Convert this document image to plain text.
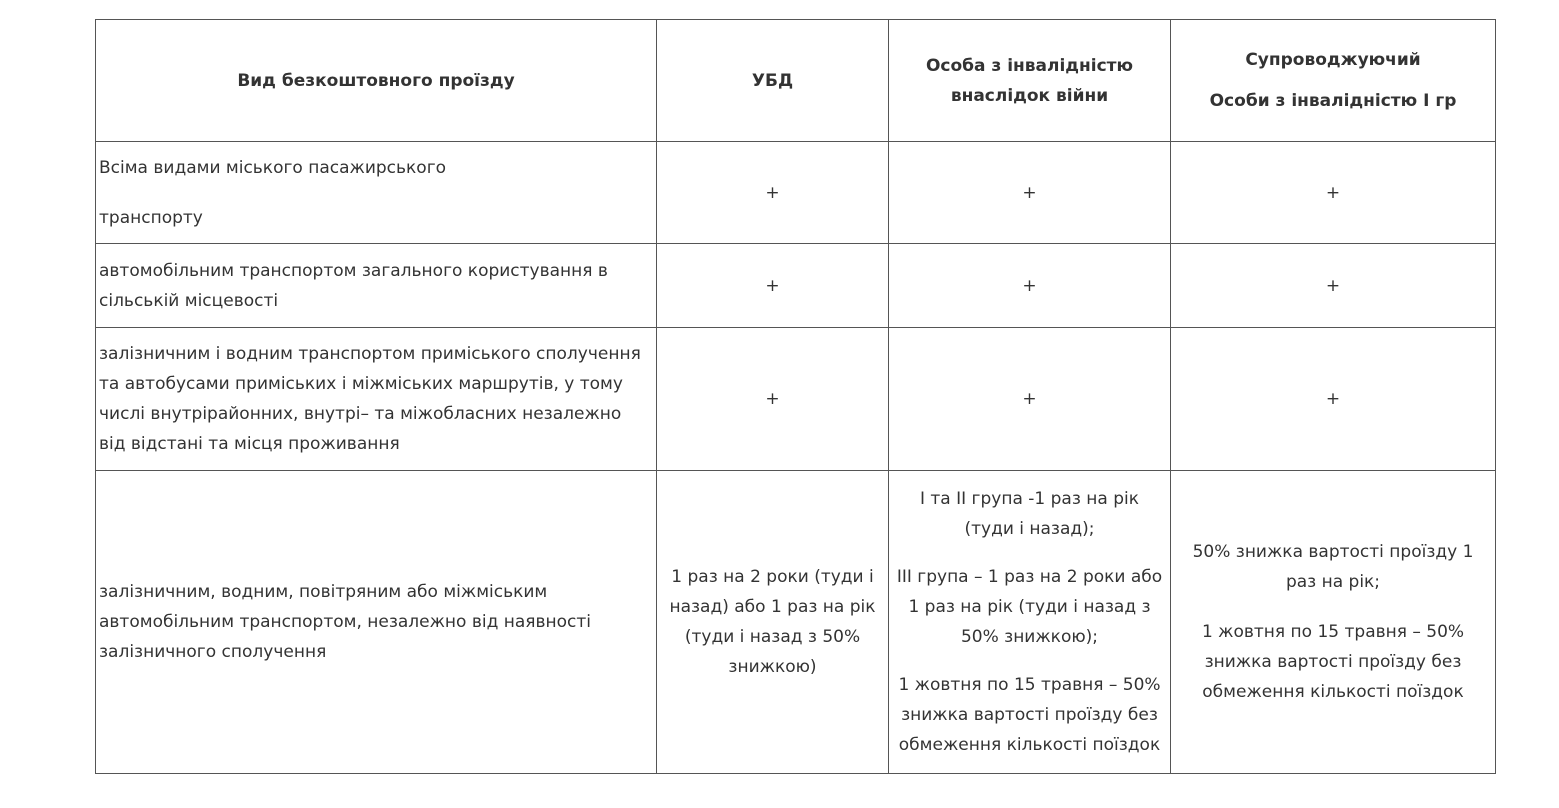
Вид безкоштовного проїзду	УБД	Особа з інвалідністю внаслідок війни	Супроводжуючий
Особи з інвалідністю I гр

Всіма видами міського пасажирського
транспорту	+	+	+

автомобільним транспортом загального користування в сільській місцевості	+	+	+

залізничним і водним транспортом приміського сполучення та автобусами приміських і міжміських маршрутів, у тому числі внутрірайонних, внутрі– та міжобласних незалежно від відстані та місця проживання	+	+	+

залізничним, водним, повітряним або міжміським автомобільним транспортом, незалежно від наявності залізничного сполучення	1 раз на 2 роки (туди і назад) або 1 раз на рік (туди і назад з 50% знижкою)	I та II група -1 раз на рік (туди і назад);
III група – 1 раз на 2 роки або 1 раз на рік (туди і назад з 50% знижкою);
1 жовтня по 15 травня – 50% знижка вартості проїзду без обмеження кількості поїздок	50% знижка вартості проїзду 1 раз на рік;
1 жовтня по 15 травня – 50% знижка вартості проїзду без обмеження кількості поїздок
